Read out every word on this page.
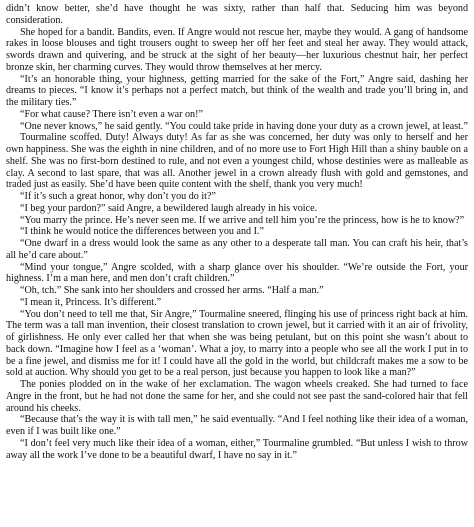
didn’t know better, she’d have thought he was sixty, rather than half that. Seducing him was beyond consideration.

She hoped for a bandit. Bandits, even. If Angre would not rescue her, maybe they would. A gang of handsome rakes in loose blouses and tight trousers ought to sweep her off her feet and steal her away. They would attack, swords drawn and quivering, and be struck at the sight of her beauty—her luxurious chestnut hair, her perfect bronze skin, her charming curves. They would throw themselves at her mercy.

“It’s an honorable thing, your highness, getting married for the sake of the Fort,” Angre said, dashing her dreams to pieces. “I know it’s perhaps not a perfect match, but think of the wealth and trade you’ll bring in, and the military ties.”

“For what cause? There isn’t even a war on!”

“One never knows,” he said gently. “You could take pride in having done your duty as a crown jewel, at least.”

Tourmaline scoffed. Duty! Always duty! As far as she was concerned, her duty was only to herself and her own happiness. She was the eighth in nine children, and of no more use to Fort High Hill than a shiny bauble on a shelf. She was no first-born destined to rule, and not even a youngest child, whose destinies were as malleable as clay. A second to last spare, that was all. Another jewel in a crown already flush with gold and gemstones, and traded just as easily. She’d have been quite content with the shelf, thank you very much!

“If it’s such a great honor, why don’t you do it?”

“I beg your pardon?” said Angre, a bewildered laugh already in his voice.

“You marry the prince. He’s never seen me. If we arrive and tell him you’re the princess, how is he to know?”

“I think he would notice the differences between you and I.”

“One dwarf in a dress would look the same as any other to a desperate tall man. You can craft his heir, that’s all he’d care about.”

“Mind your tongue,” Angre scolded, with a sharp glance over his shoulder. “We’re outside the Fort, your highness. I’m a man here, and men don’t craft children.”

“Oh, tch.” She sank into her shoulders and crossed her arms. “Half a man.”

“I mean it, Princess. It’s different.”

“You don’t need to tell me that, Sir Angre,” Tourmaline sneered, flinging his use of princess right back at him. The term was a tall man invention, their closest translation to crown jewel, but it carried with it an air of frivolity, of girlishness. He only ever called her that when she was being petulant, but on this point she wasn’t about to back down. “Imagine how I feel as a ‘woman’. What a joy, to marry into a people who see all the work I put in to be a fine jewel, and dismiss me for it! I could have all the gold in the world, but childcraft makes me a sow to be sold at auction. Why should you get to be a real person, just because you happen to look like a man?”

The ponies plodded on in the wake of her exclamation. The wagon wheels creaked. She had turned to face Angre in the front, but he had not done the same for her, and she could not see past the sand-colored hair that fell around his cheeks.

“Because that’s the way it is with tall men,” he said eventually. “And I feel nothing like their idea of a woman, even if I was built like one.”

“I don’t feel very much like their idea of a woman, either,” Tourmaline grumbled. “But unless I wish to throw away all the work I’ve done to be a beautiful dwarf, I have no say in it.”
